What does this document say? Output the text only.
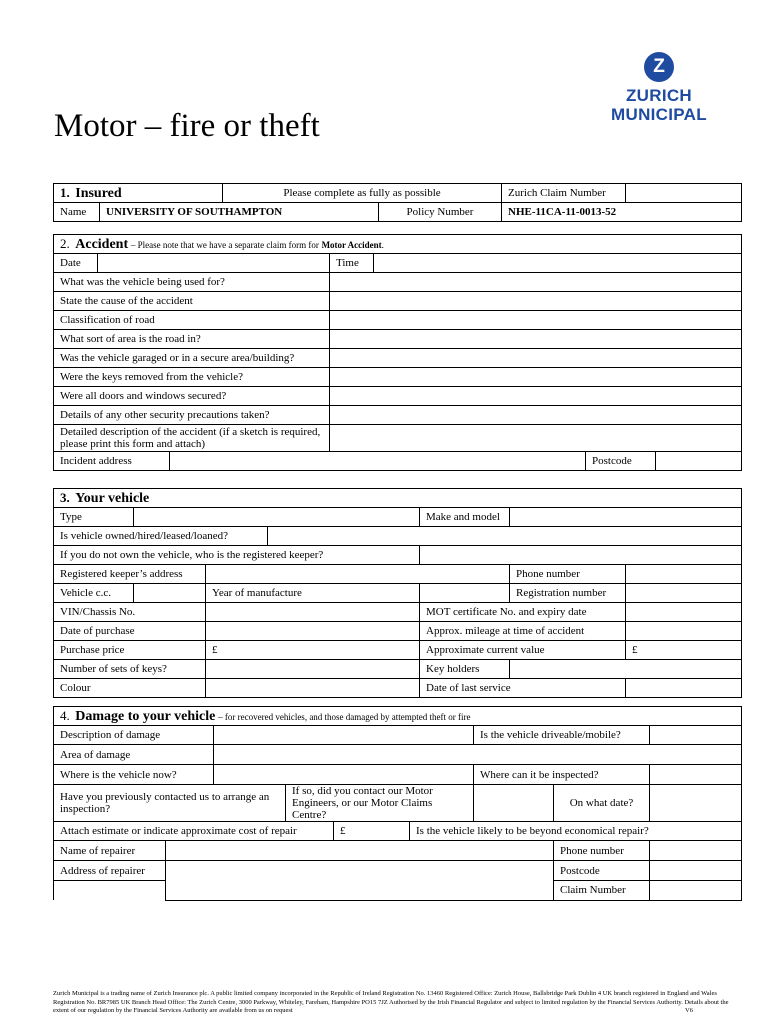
Motor – fire or theft
Z
ZURICH
MUNICIPAL
1. Insured		Please complete as fully as possible		Zurich Claim Number	
Name	UNIVERSITY OF SOUTHAMPTON		Policy Number	NHE-11CA-11-0013-52	
2. Accident – Please note that we have a separate claim form for Motor Accident.					
Date			Time		

What was the vehicle being used for?					
State the cause of the accident					
Classification of road					
What sort of area is the road in?					
Was the vehicle garaged or in a secure area/building?					
Were the keys removed from the vehicle?					
Were all doors and windows secured?					
Details of any other security precautions taken?					
Detailed description of the accident (if a sketch is required, please print this form and attach)					
Incident address				Postcode	
3. Your vehicle						
Type				Make and model		
Is vehicle owned/hired/leased/loaned?						
If you do not own the vehicle, who is the registered keeper?						
Registered keeper’s address					Phone number	
Vehicle c.c.		Year of manufacture			Registration number	
VIN/Chassis No.				MOT certificate No. and expiry date		
Date of purchase				Approx. mileage at time of accident		
Purchase price		£		Approximate current value		£
Number of sets of keys?				Key holders		
Colour				Date of last service		
4. Damage to your vehicle – for recovered vehicles, and those damaged by attempted theft or fire								
Description of damage						Is the vehicle driveable/mobile?		
Area of damage								
Where is the vehicle now?						Where can it be inspected?		
Have you previously contacted us to arrange an inspection?			If so, did you contact our Motor Engineers, or our Motor Claims Centre?				On what date?	
Attach estimate or indicate approximate cost of repair				£	Is the vehicle likely to be beyond economical repair?			
Name of repairer							Phone number	
Address of repairer							Postcode	
							Claim Number	
Zurich Municipal is a trading name of Zurich Insurance plc. A public limited company incorporated in the Republic of Ireland Registration No. 13460 Registered Office: Zurich House, Ballsbridge Park Dublin 4 UK branch registered in England and Wales Registration No. BR7985 UK Branch Head Office: The Zurich Centre, 3000 Parkway, Whiteley, Fareham, Hampshire PO15 7JZ Authorised by the Irish Financial Regulator and subject to limited regulation by the Financial Services Authority. Details about the extent of our regulation by the Financial Services Authority are available from us on request	V6
